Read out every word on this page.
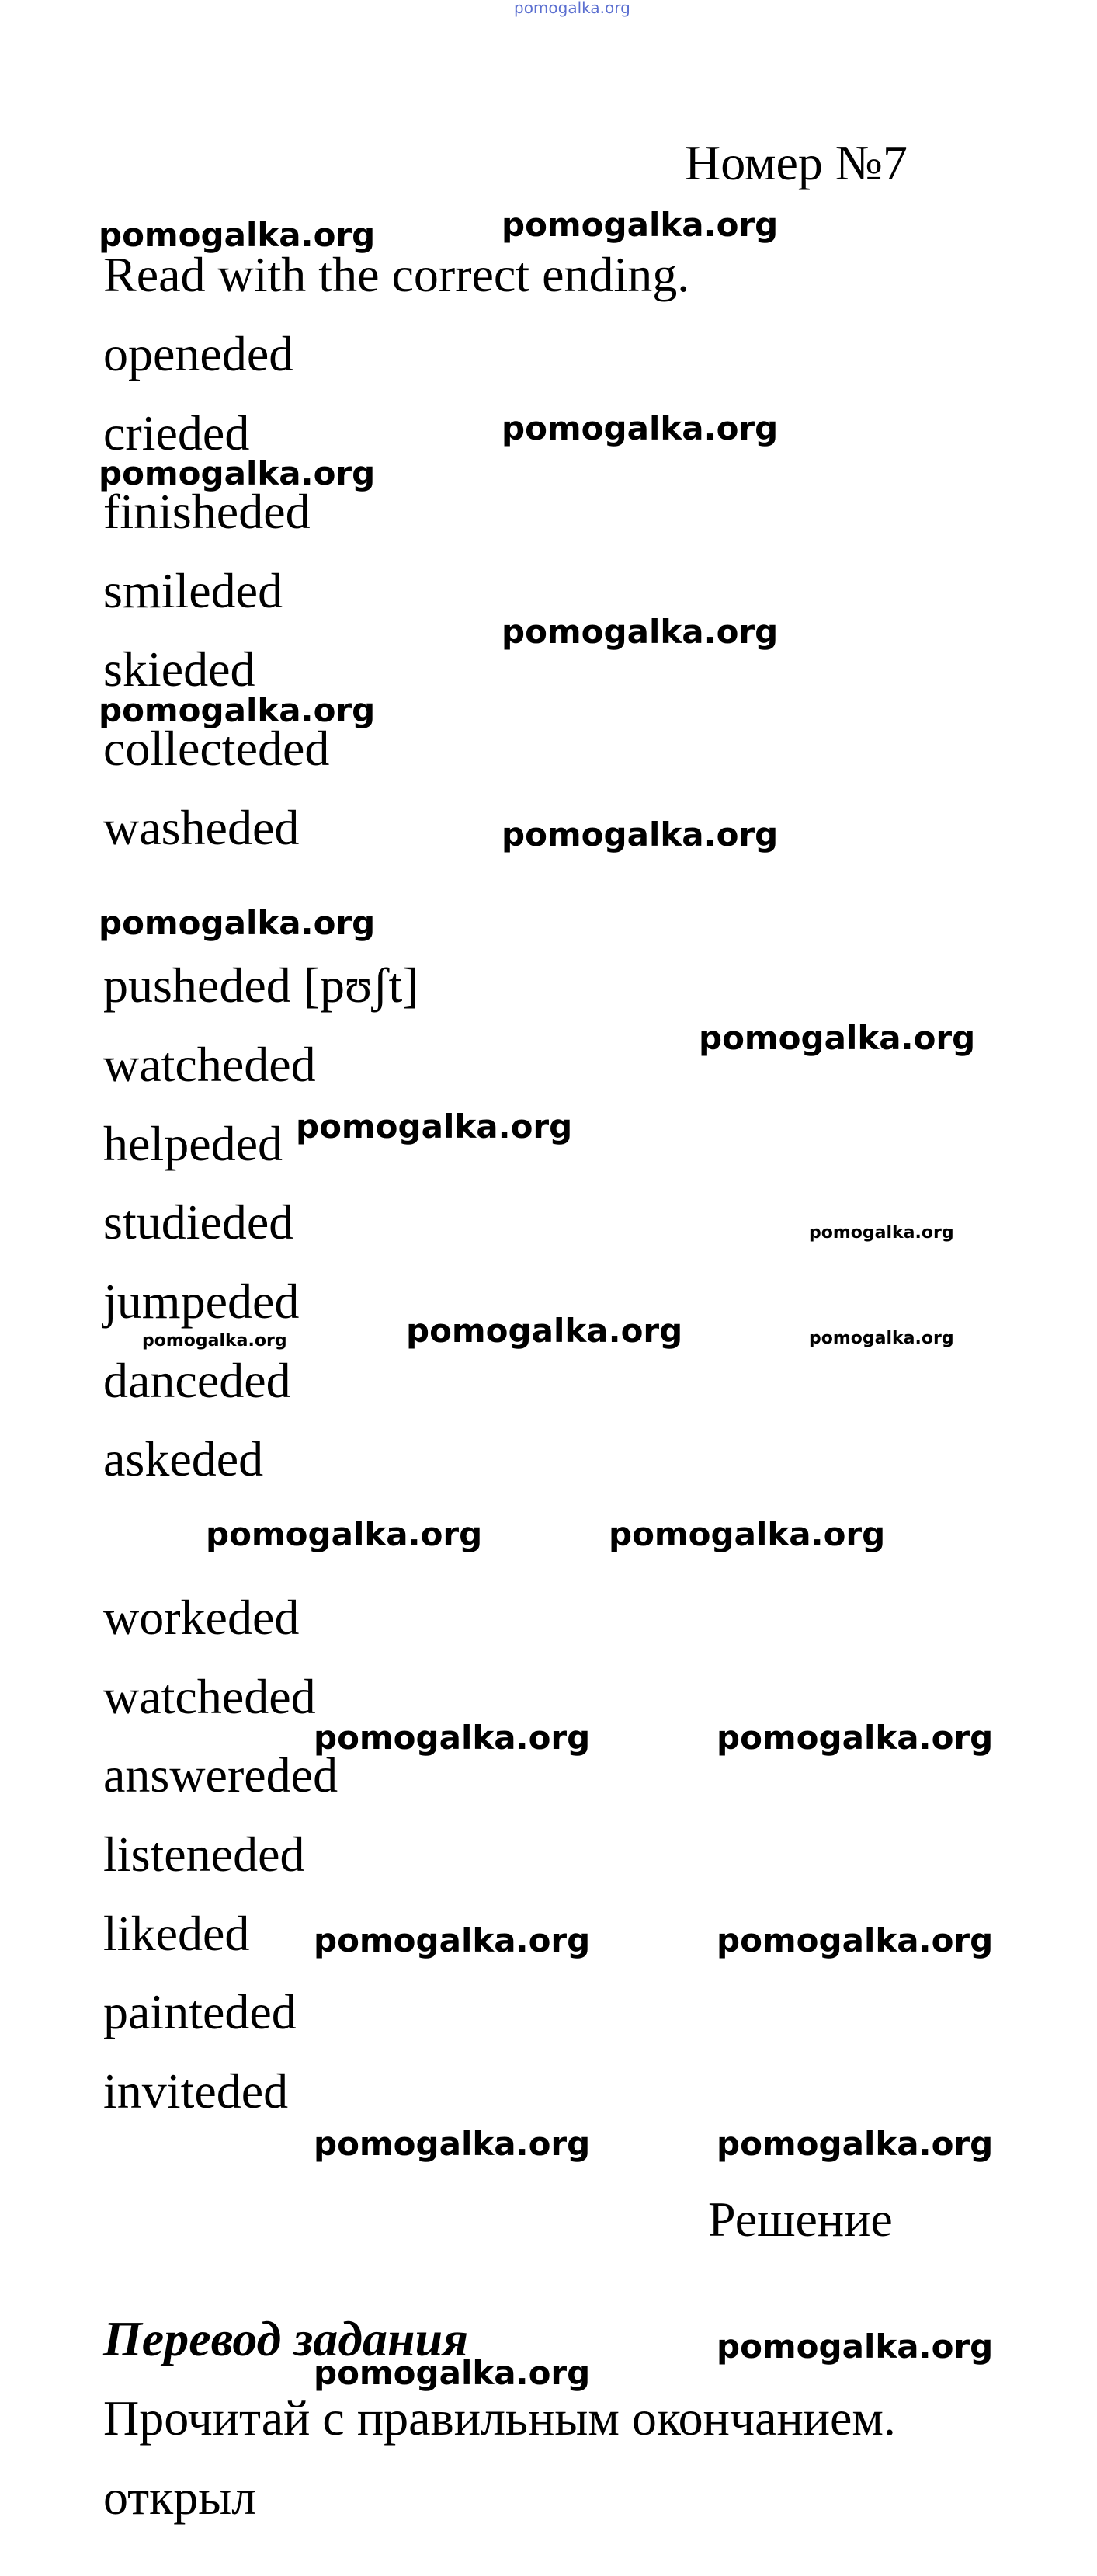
pomogalka.org
Номер №7
Read with the correct ending.
openeded
crieded
finisheded
smileded
skieded
collecteded
washeded
pusheded [pʊʃt]
watcheded
helpeded
studieded
jumpeded
danceded
askeded
workeded
watcheded
answereded
listeneded
likeded
painteded
inviteded
Решение
Перевод задания
Прочитай с правильным окончанием.
открыл
pomogalka.org	pomogalka.org
pomogalka.org
pomogalka.org
pomogalka.org
pomogalka.org
pomogalka.org
pomogalka.org
pomogalka.org
pomogalka.org
pomogalka.org
pomogalka.org	pomogalka.org	pomogalka.org
pomogalka.org	pomogalka.org
pomogalka.org	pomogalka.org
pomogalka.org	pomogalka.org
pomogalka.org	pomogalka.org
pomogalka.org
pomogalka.org
